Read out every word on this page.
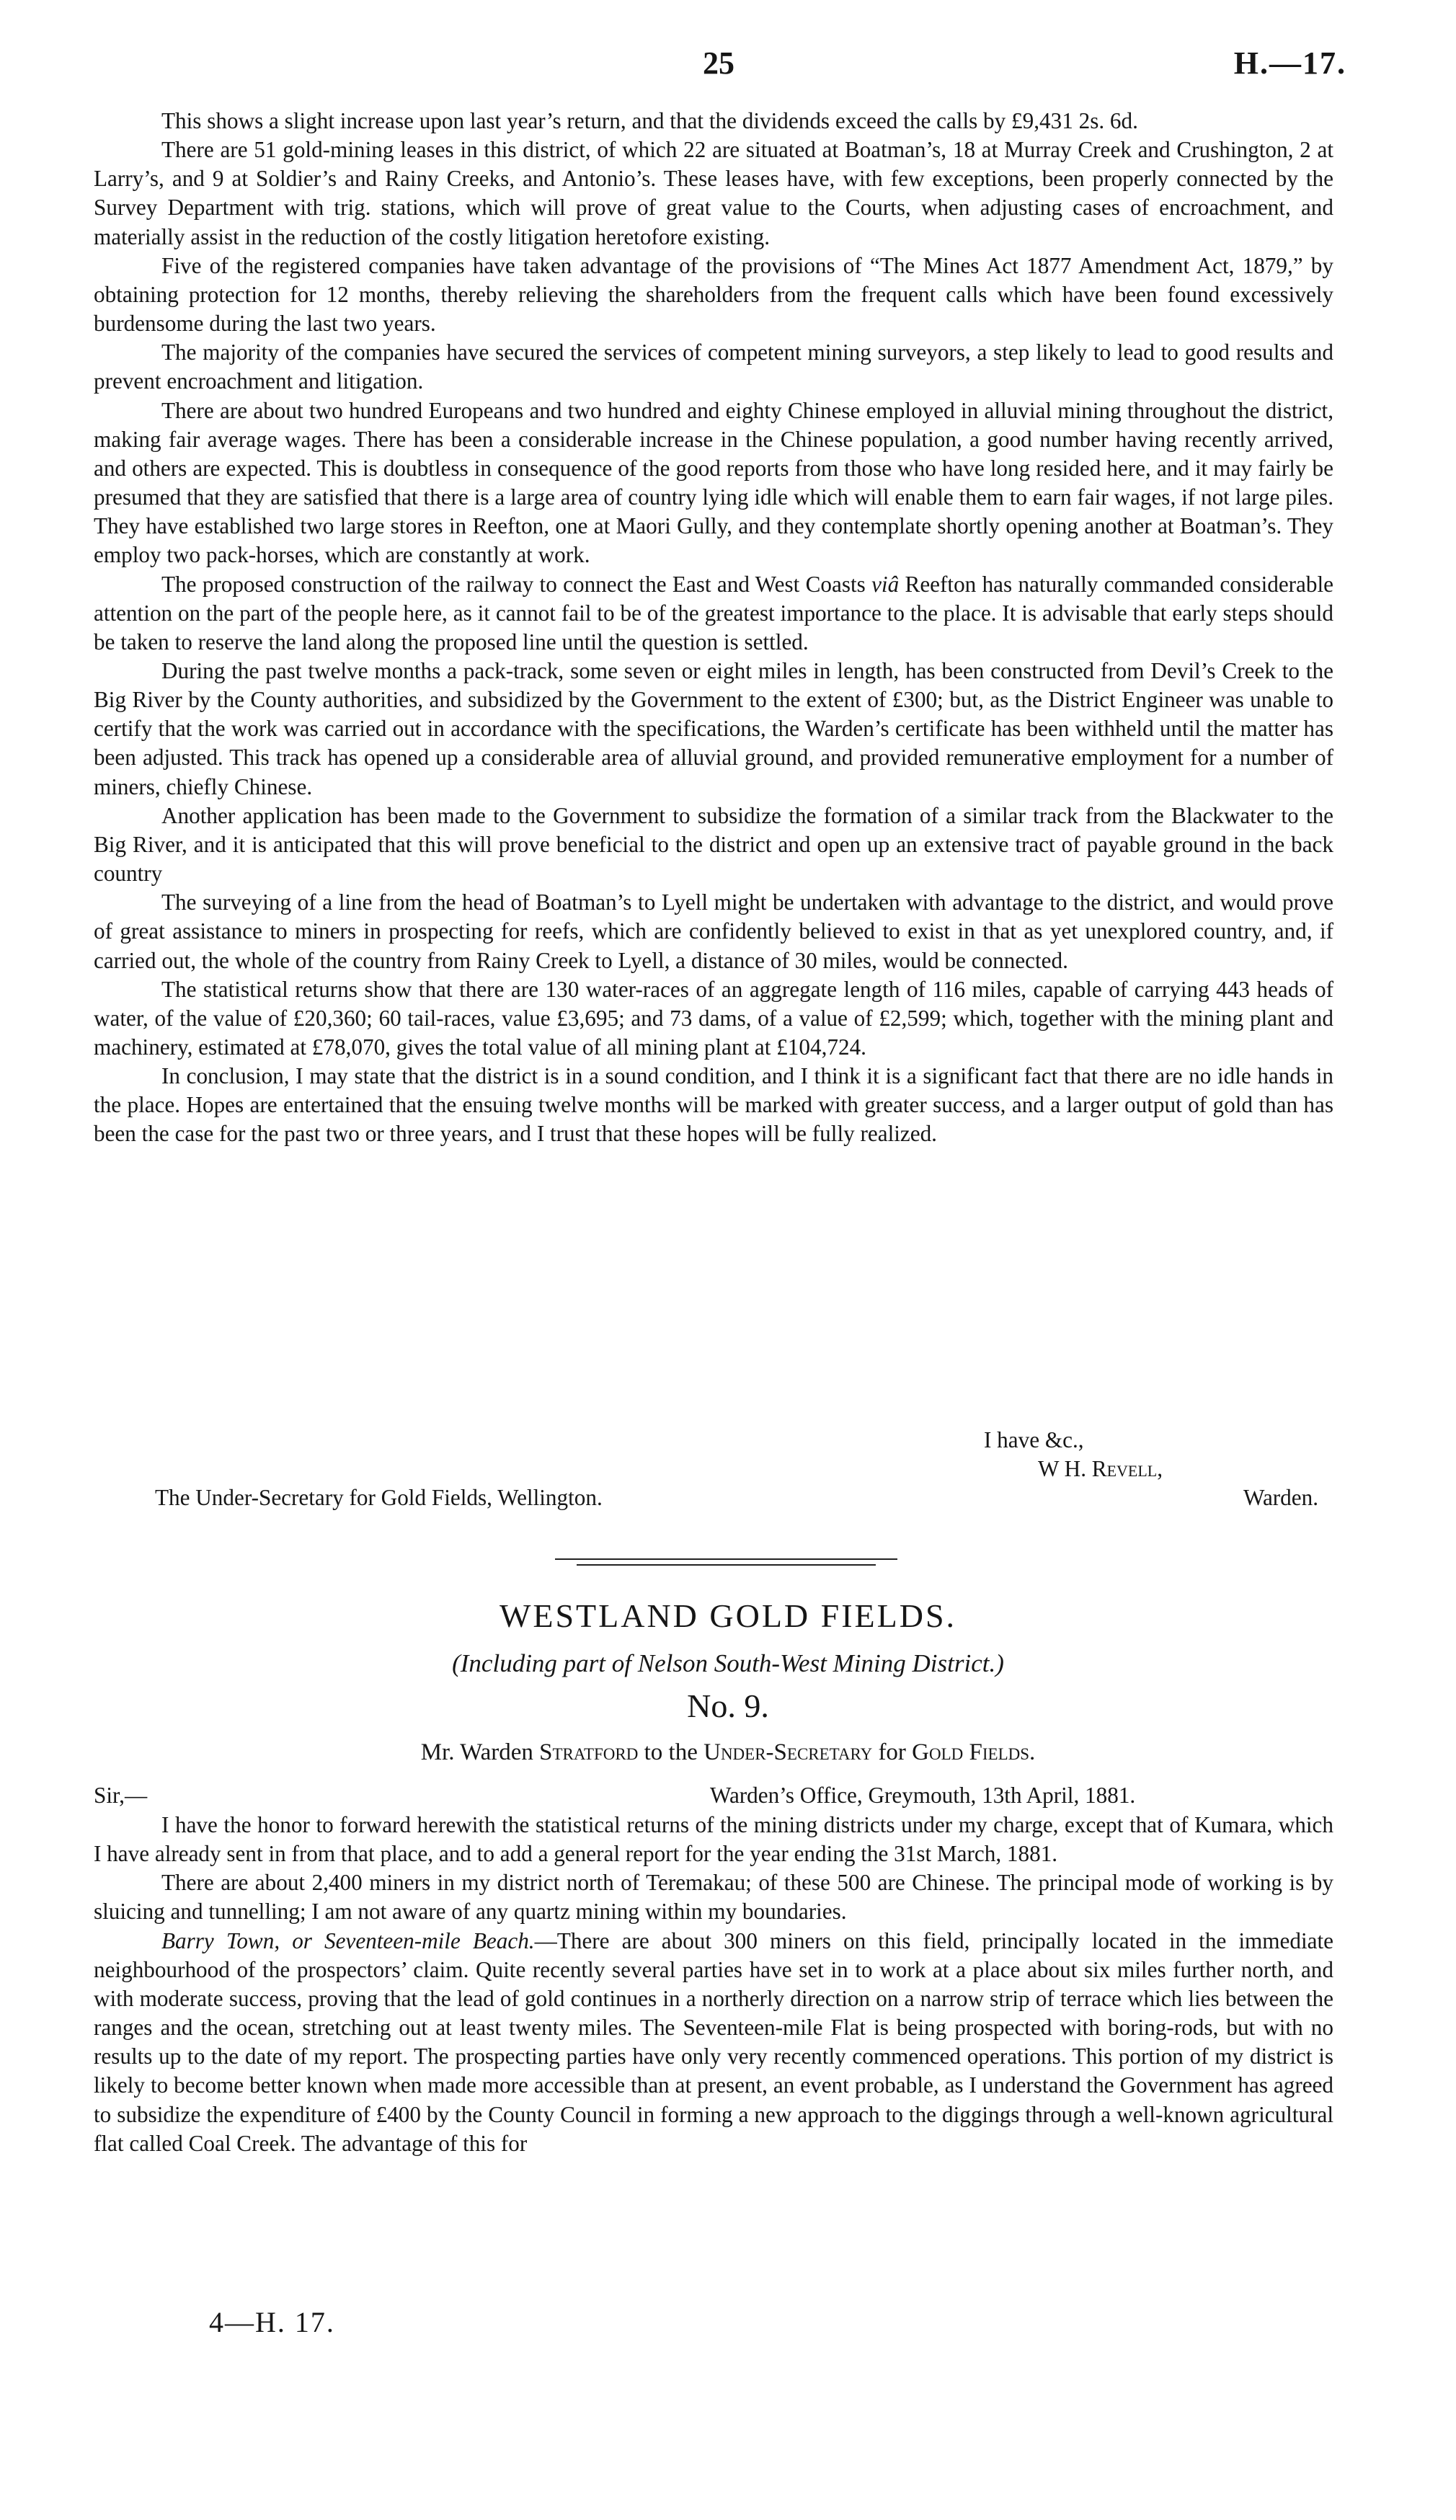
25	H.—17.

This shows a slight increase upon last year’s return, and that the dividends exceed the calls by £9,431 2s. 6d.

There are 51 gold-mining leases in this district, of which 22 are situated at Boatman’s, 18 at Murray Creek and Crushington, 2 at Larry’s, and 9 at Soldier’s and Rainy Creeks, and Antonio’s. These leases have, with few exceptions, been properly connected by the Survey Department with trig. stations, which will prove of great value to the Courts, when adjusting cases of encroachment, and materially assist in the reduction of the costly litigation heretofore existing.

Five of the registered companies have taken advantage of the provisions of “The Mines Act 1877 Amendment Act, 1879,” by obtaining protection for 12 months, thereby relieving the shareholders from the frequent calls which have been found excessively burdensome during the last two years.

The majority of the companies have secured the services of competent mining surveyors, a step likely to lead to good results and prevent encroachment and litigation.

There are about two hundred Europeans and two hundred and eighty Chinese employed in alluvial mining throughout the district, making fair average wages. There has been a considerable increase in the Chinese population, a good number having recently arrived, and others are expected. This is doubtless in consequence of the good reports from those who have long resided here, and it may fairly be presumed that they are satisfied that there is a large area of country lying idle which will enable them to earn fair wages, if not large piles. They have established two large stores in Reefton, one at Maori Gully, and they contemplate shortly opening another at Boatman’s. They employ two pack-horses, which are constantly at work.

The proposed construction of the railway to connect the East and West Coasts viâ Reefton has naturally commanded considerable attention on the part of the people here, as it cannot fail to be of the greatest importance to the place. It is advisable that early steps should be taken to reserve the land along the proposed line until the question is settled.

During the past twelve months a pack-track, some seven or eight miles in length, has been constructed from Devil’s Creek to the Big River by the County authorities, and subsidized by the Government to the extent of £300; but, as the District Engineer was unable to certify that the work was carried out in accordance with the specifications, the Warden’s certificate has been withheld until the matter has been adjusted. This track has opened up a considerable area of alluvial ground, and provided remunerative employment for a number of miners, chiefly Chinese.

Another application has been made to the Government to subsidize the formation of a similar track from the Blackwater to the Big River, and it is anticipated that this will prove beneficial to the district and open up an extensive tract of payable ground in the back country

The surveying of a line from the head of Boatman’s to Lyell might be undertaken with advantage to the district, and would prove of great assistance to miners in prospecting for reefs, which are confidently believed to exist in that as yet unexplored country, and, if carried out, the whole of the country from Rainy Creek to Lyell, a distance of 30 miles, would be connected.

The statistical returns show that there are 130 water-races of an aggregate length of 116 miles, capable of carrying 443 heads of water, of the value of £20,360; 60 tail-races, value £3,695; and 73 dams, of a value of £2,599; which, together with the mining plant and machinery, estimated at £78,070, gives the total value of all mining plant at £104,724.

In conclusion, I may state that the district is in a sound condition, and I think it is a significant fact that there are no idle hands in the place. Hopes are entertained that the ensuing twelve months will be marked with greater success, and a larger output of gold than has been the case for the past two or three years, and I trust that these hopes will be fully realized.

I have &c.,
W H. Revell,
The Under-Secretary for Gold Fields, Wellington.	Warden.
WESTLAND GOLD FIELDS.
(Including part of Nelson South-West Mining District.)
No. 9.
Mr. Warden Stratford to the Under-Secretary for Gold Fields.
Sir,—	Warden’s Office, Greymouth, 13th April, 1881.

I have the honor to forward herewith the statistical returns of the mining districts under my charge, except that of Kumara, which I have already sent in from that place, and to add a general report for the year ending the 31st March, 1881.

There are about 2,400 miners in my district north of Teremakau; of these 500 are Chinese. The principal mode of working is by sluicing and tunnelling; I am not aware of any quartz mining within my boundaries.

Barry Town, or Seventeen-mile Beach.—There are about 300 miners on this field, principally located in the immediate neighbourhood of the prospectors’ claim. Quite recently several parties have set in to work at a place about six miles further north, and with moderate success, proving that the lead of gold continues in a northerly direction on a narrow strip of terrace which lies between the ranges and the ocean, stretching out at least twenty miles. The Seventeen-mile Flat is being prospected with boring-rods, but with no results up to the date of my report. The prospecting parties have only very recently commenced operations. This portion of my district is likely to become better known when made more accessible than at present, an event probable, as I understand the Government has agreed to subsidize the expenditure of £400 by the County Council in forming a new approach to the diggings through a well-known agricultural flat called Coal Creek. The advantage of this for

4—H. 17.
